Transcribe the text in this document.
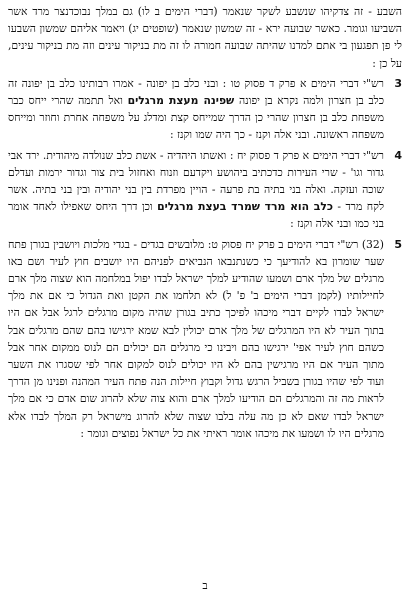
השבע - זה צדקיהו שנשבע לשקר שנאמר (דברי הימים ב לו) גם במלך נבוכדנצר מרד אשר השביעו וגומר. כאשר שבועה ירא - זה שמשון שנאמר (שופטים יג) ויאמר אליהם שמשון השבעו לי פן תפגעון בי אתם למדנו שהיתה שבועה חמורה לו זה מת בניקור עינים וזה מת בניקור עינים, על כן :
3
רש"י דברי הימים א פרק ד פסוק טו : ובני כלב בן יפונה - אמרו רבותינו כלב בן יפונה זה כלב בן חצרון ולמה נקרא בן יפונה שפינה מעצת מרגלים ואל תתמה שהרי ייחס כבר משפחת כלב בן חצרון שהרי כן הדרך שמייחס קצת ומדלג על משפחה אחרת וחוזר ומייחס משפחה ראשונה. ובני אלה וקנז - כך היה שמו וקנז :
4
רש"י דברי הימים א פרק ד פסוק יח : ואשתו היהדיה - אשת כלב שנולדה מיהודית. ירד אבי גדור וגו' - שרי העירות כדכתיב ביהושע ויקדעם וזנוח ואחזול בית צור וגדור ירמות ועדלם שוכה ועזקה. ואלה בני בתיה בת פרעה - הויין מפרדת בין בני יהודיה ובין בני בתיה. אשר לקח מרד - כלב הוא מרד שמרד בעצת מרגלים וכן דרך היחס שאפילו לאחד אומר בני כמו ובני אלה וקנז :
5
(32) רש"י דברי הימים ב פרק יח פסוק ט: מלובשים בגדים - בגדי מלכות ויושבין בגורן פתח שער שומרון בא להודיעך כי כשנתנבאו הנביאים לפניהם היו יושבים חוץ לעיר ושם באו מרגלים של מלך ארם ושמעו שהודיע למלך ישראל לבדו יפול במלחמה הוא שצוה מלך ארם לחיילותיו (לקמן דברי הימים ב' פ' ל) לא תלחמו את הקטן ואת הגדול כי אם את מלך ישראל לבדו לקיים דברי מיכהו לפיכך כתיב בגורן שהיה מקום מרגלים לרגל אבל אם היו בתוך העיר לא היו המרגלים של מלך ארם יכולין לבא שמא ירגישו בהם שהם מרגלים אבל כשהם חוץ לעיר אפי' ירגישו בהם ויבינו כי מרגלים הם יכולים הם לנוס ממקום אחר אבל מתוך העיר אם היו מרגישין בהם לא היו יכולים לנוס למקום אחר לפי שסגרו את השער ועוד לפי שהיו בגורן בשביל הרגש גדול וקבוץ חיילות הנה פתח העיר המהנה ופנינו מן הדרך לראות מה זה והמרגלים הם הודיעו למלך ארם והוא צוה שלא להרוג שום אדם כי אם מלך ישראל לבדו שאם לא כן מה עלה בלבו שצוה שלא להרוג מישראל רק המלך לבדו אלא מרגלים היו לו ושמעו את מיכהו אומר ראיתי את כל ישראל נפוצים וגומר :
ב
